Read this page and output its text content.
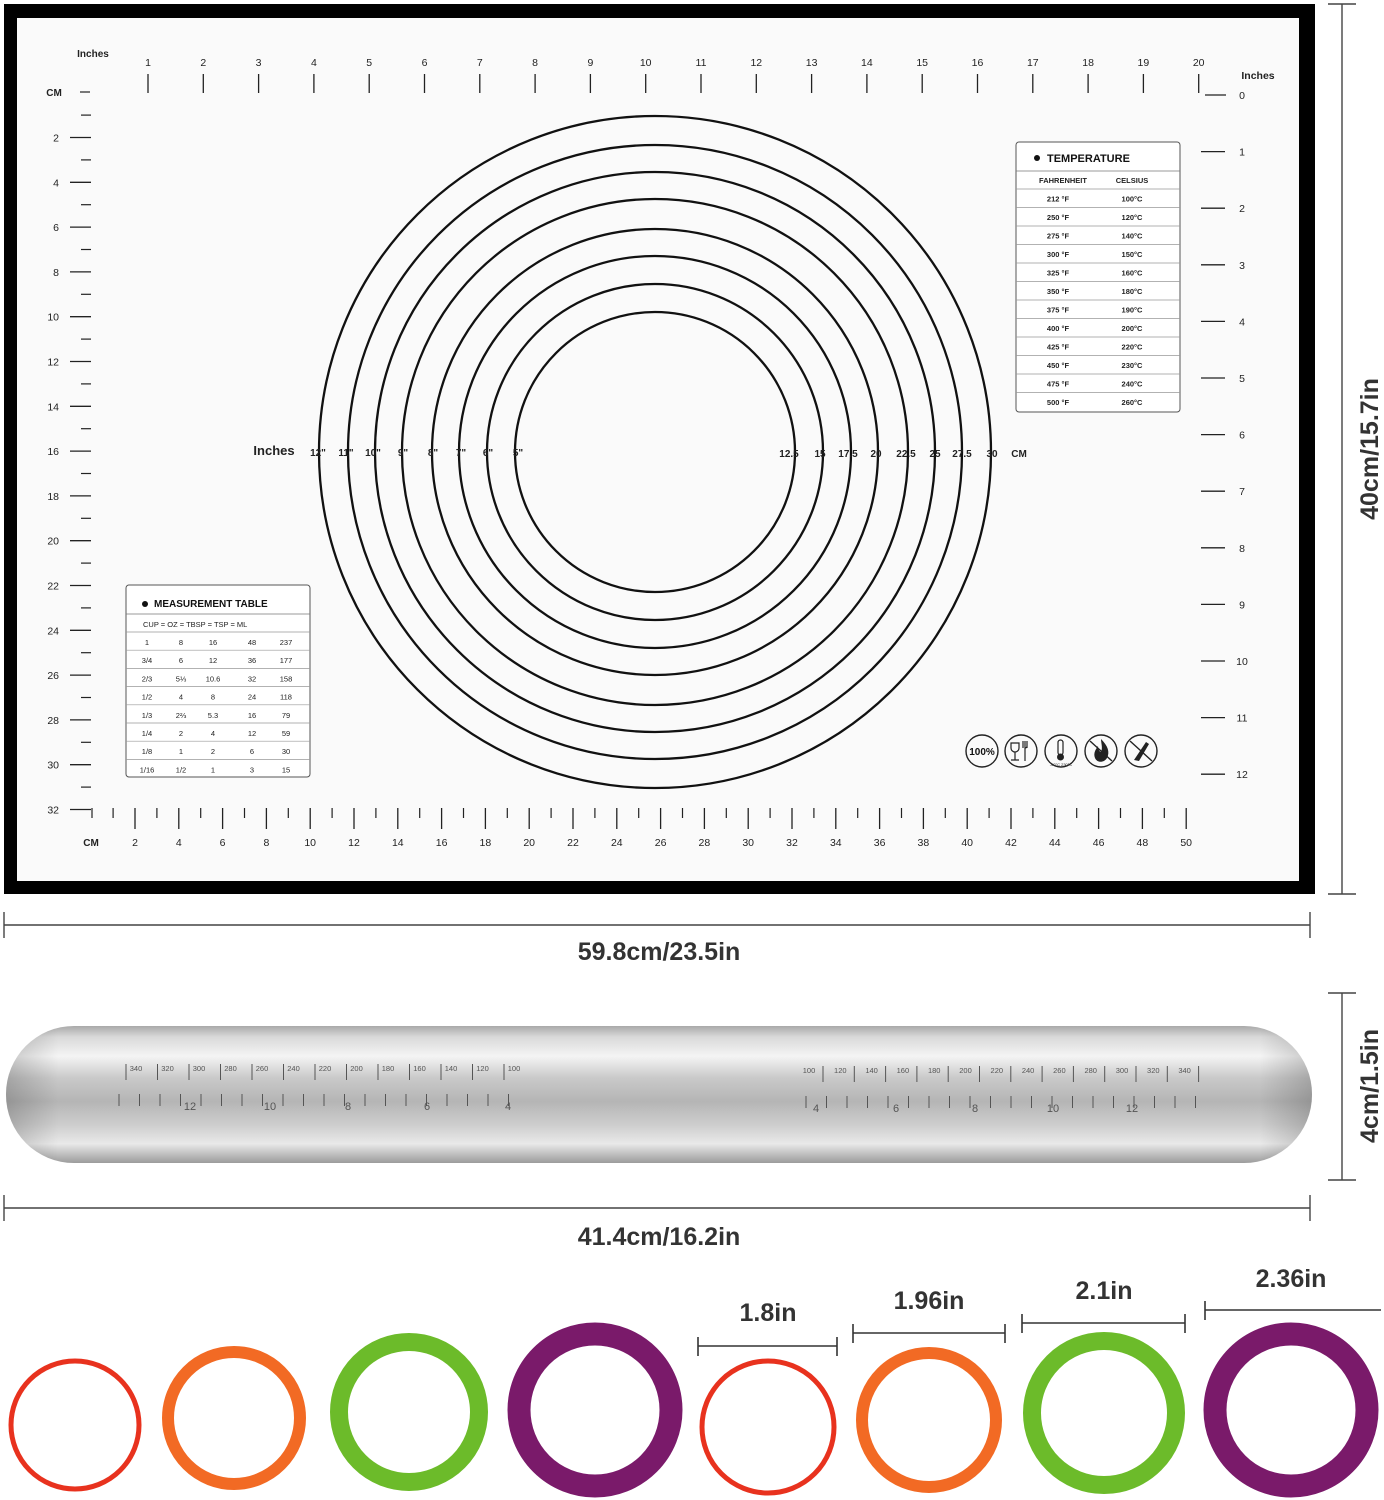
Inches
1	2	3	4	5	6	7	8	9	10	11	12	13	14	15	16	17	18	19	20
Inches
0
1
2
3
4
5
6
7
8
9
10
11
12
CM
2
4
6
8
10
12
14
16
18
20
22
24
26
28
30
32
CM	2	4	6	8	10	12	14	16	18	20	22	24	26	28	30	32	34	36	38	40	42	44	46	48	50
Inches 12" 11" 10" 9" 8" 7" 6" 5"	12.5 15 17.5 20 22.5 25 27.5 30 CM
TEMPERATURE
FAHRENHEIT	CELSIUS
212 °F	100°C
250 °F	120°C
275 °F	140°C
300 °F	150°C
325 °F	160°C
350 °F	180°C
375 °F	190°C
400 °F	200°C
425 °F	220°C
450 °F	230°C
475 °F	240°C
500 °F	260°C
MEASUREMENT TABLE
CUP = OZ = TBSP = TSP = ML
1	8	16	48	237
3/4	6	12	36	177
2/3	5⅓	10.6	32	158
1/2	4	8	24	118
1/3	2⅔	5.3	16	79
1/4	2	4	12	59
1/8	1	2	6	30
1/16	1/2	1	3	15
100%
-40°C 230°C
40cm/15.7in
59.8cm/23.5in
340	320	300	280	260	240	220	200	180	160	140	120	100
12	10	8	6	4
100	120	140	160	180	200	220	240	260	280	300	320	340
4	6	8	10	12	4cm/1.5in
41.4cm/16.2in
1.8in	1.96in	2.1in	2.36in
